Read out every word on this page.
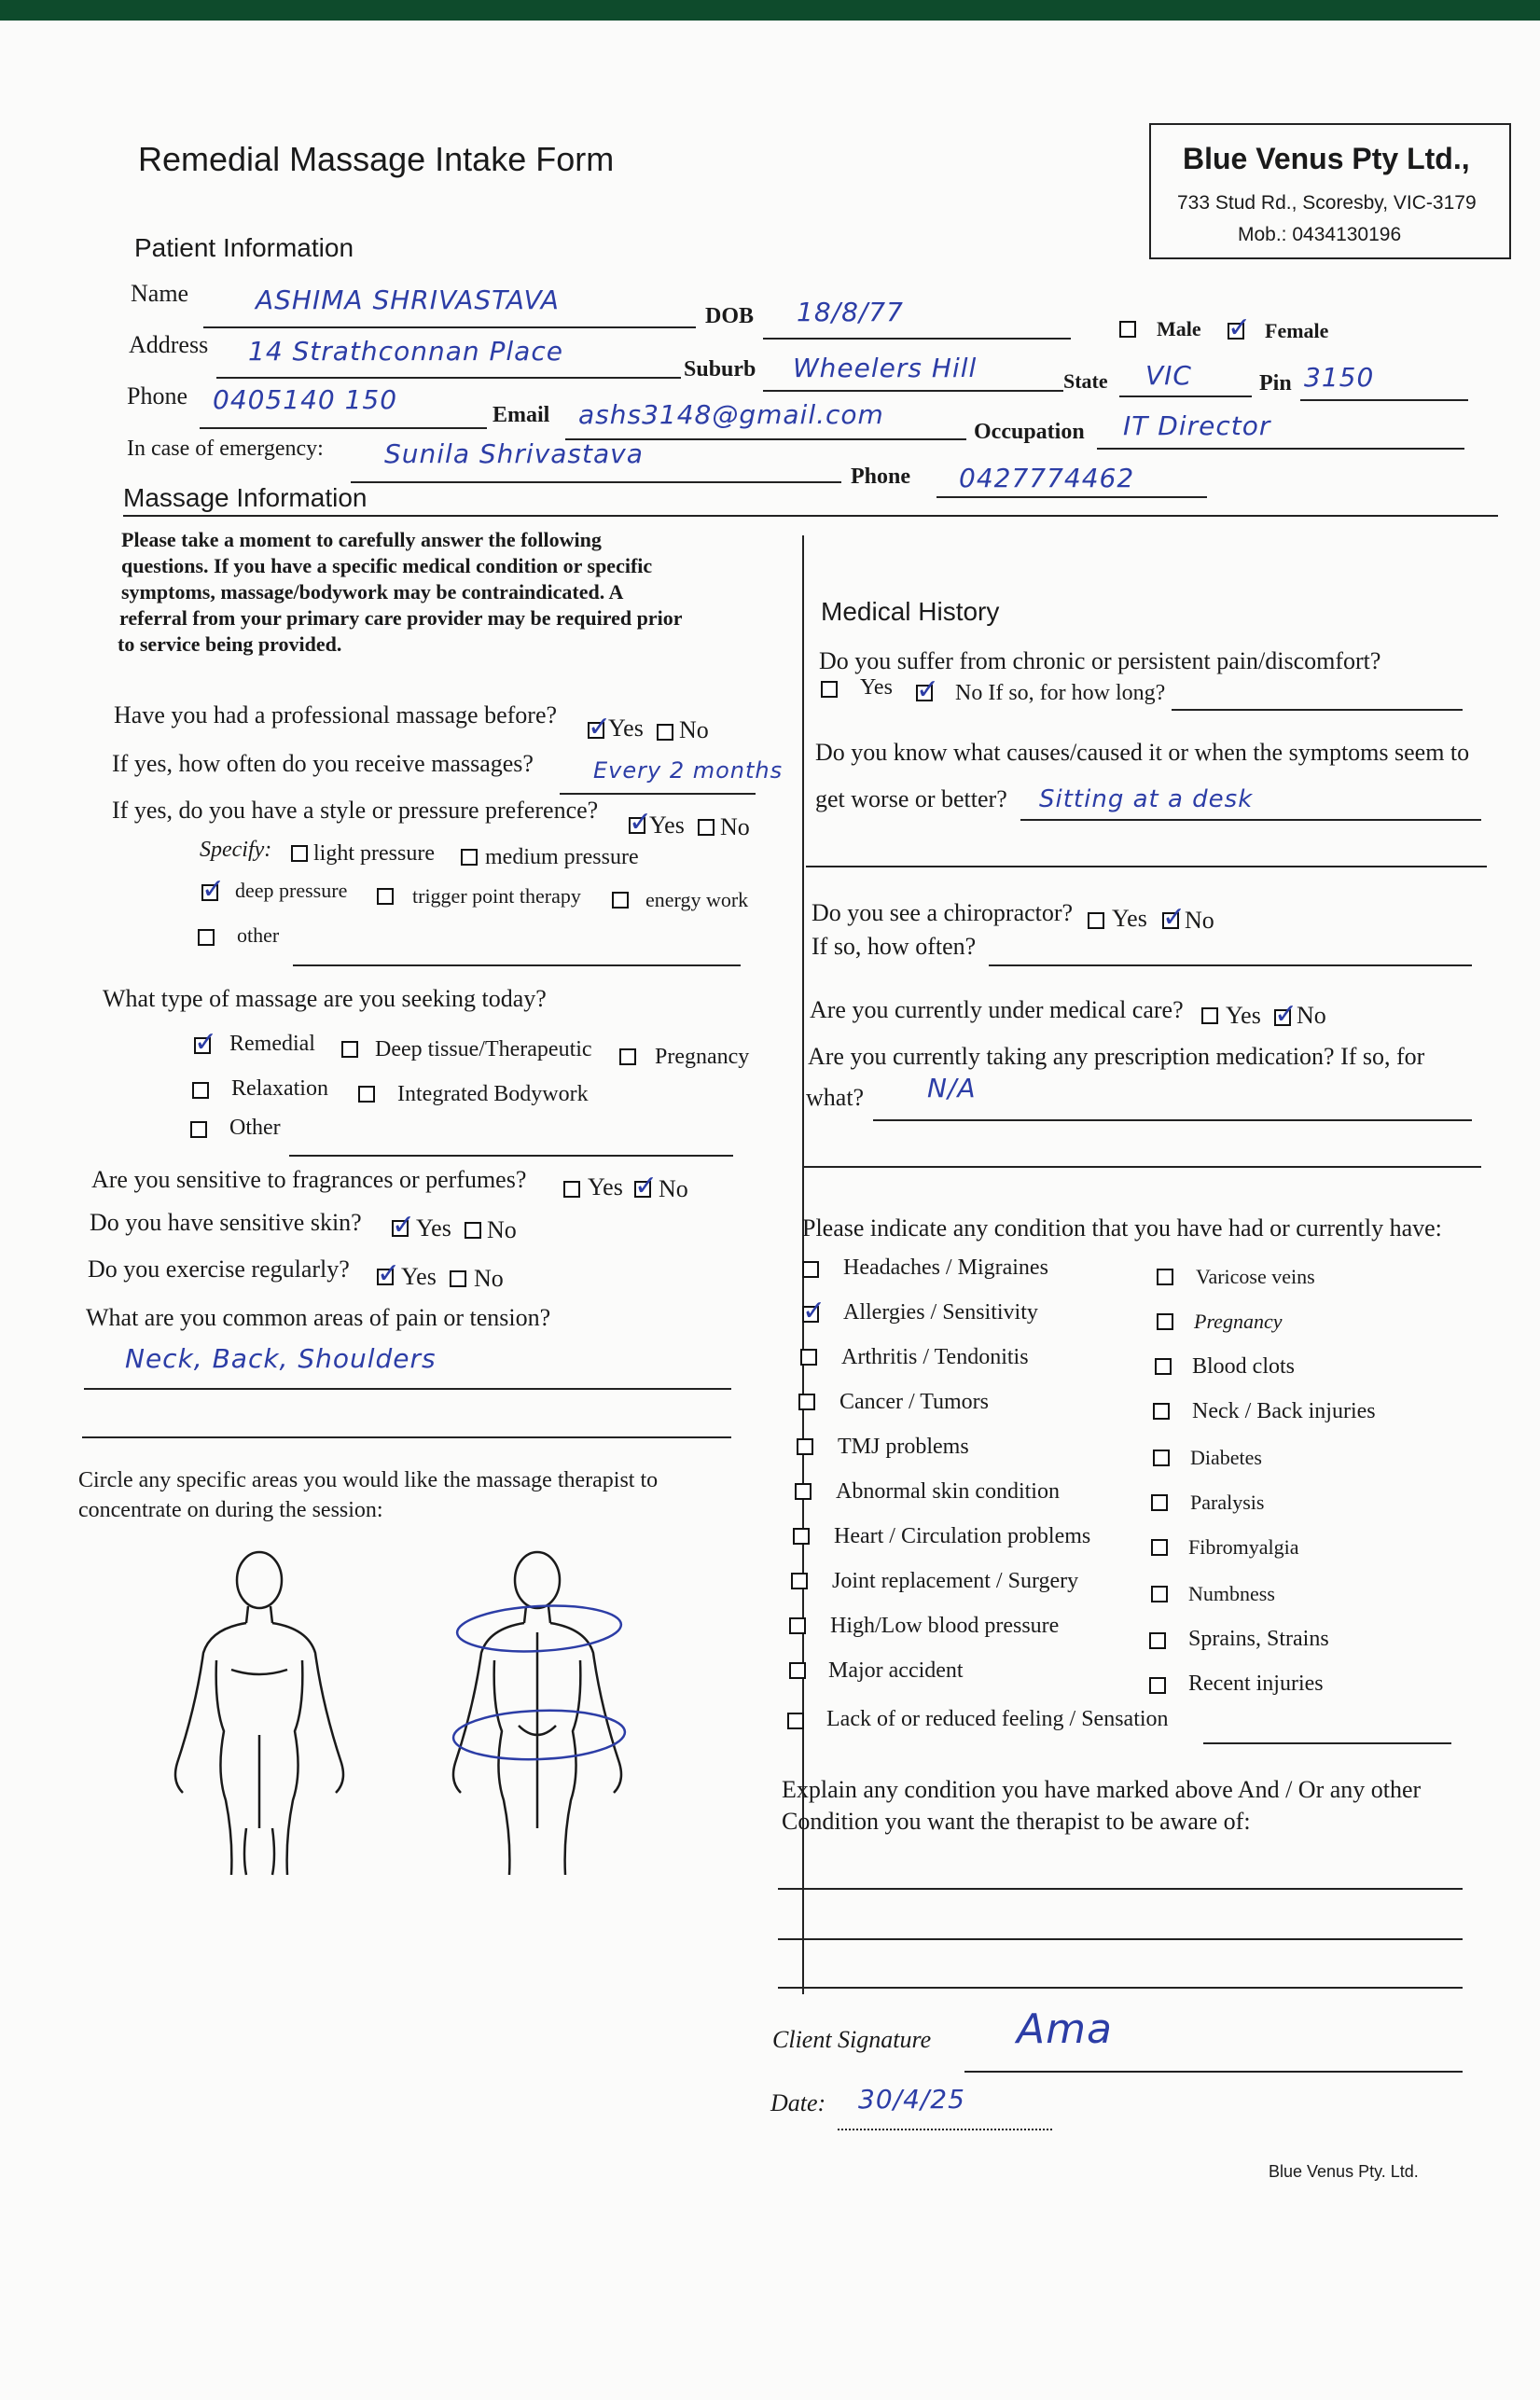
Remedial Massage Intake Form	Blue Venus Pty Ltd.,
733 Stud Rd., Scoresby, VIC-3179
Mob.: 0434130196
Patient Information
Name	ASHIMA SHRIVASTAVA
DOB 18/8/77
Male ✓	Female
Address 14 Strathconnan Place
Suburb Wheelers Hill	State VIC	Pin 3150
Phone 0405140 150	Email ashs3148@gmail.com
Occupation IT Director
In case of emergency: Sunila Shrivastava
Phone 0427774462
Massage Information
Please take a moment to carefully answer the following
questions. If you have a specific medical condition or specific
symptoms, massage/bodywork may be contraindicated. A
referral from your primary care provider may be required prior
to service being provided.
Have you had a professional massage before? ✓ Yes No
If yes, how often do you receive massages?	Every 2 months
If yes, do you have a style or pressure preference?
✓
Yes No
Specify: light pressure medium pressure
✓
deep pressure	trigger point therapy	energy work
other
What type of massage are you seeking today?
✓
Remedial	Deep tissue/Therapeutic	Pregnancy
Relaxation	Integrated Bodywork
Other
Are you sensitive to fragrances or perfumes?	Yes ✓ No
Do you have sensitive skin? ✓ Yes No
Do you exercise regularly? ✓ Yes No
What are you common areas of pain or tension?
Neck, Back, Shoulders
Circle any specific areas you would like the massage therapist to
concentrate on during the session:
Medical History
Do you suffer from chronic or persistent pain/discomfort?
Yes ✓	No If so, for how long?
Do you know what causes/caused it or when the symptoms seem to
get worse or better? Sitting at a desk
Do you see a chiropractor? Yes ✓ No
If so, how often?
Are you currently under medical care? Yes ✓ No
Are you currently taking any prescription medication? If so, for
what? N/A
Please indicate any condition that you have had or currently have:
Headaches / Migraines
✓
Allergies / Sensitivity
Arthritis / Tendonitis
Cancer / Tumors
TMJ problems
Abnormal skin condition
Heart / Circulation problems
Joint replacement / Surgery
High/Low blood pressure
Major accident
Varicose veins
Pregnancy
Blood clots
Neck / Back injuries
Diabetes
Paralysis
Fibromyalgia
Numbness
Sprains, Strains
Recent injuries
Lack of or reduced feeling / Sensation
Explain any condition you have marked above And / Or any other
Condition you want the therapist to be aware of:
Client Signature Ama
Date: 30/4/25
Blue Venus Pty. Ltd.
